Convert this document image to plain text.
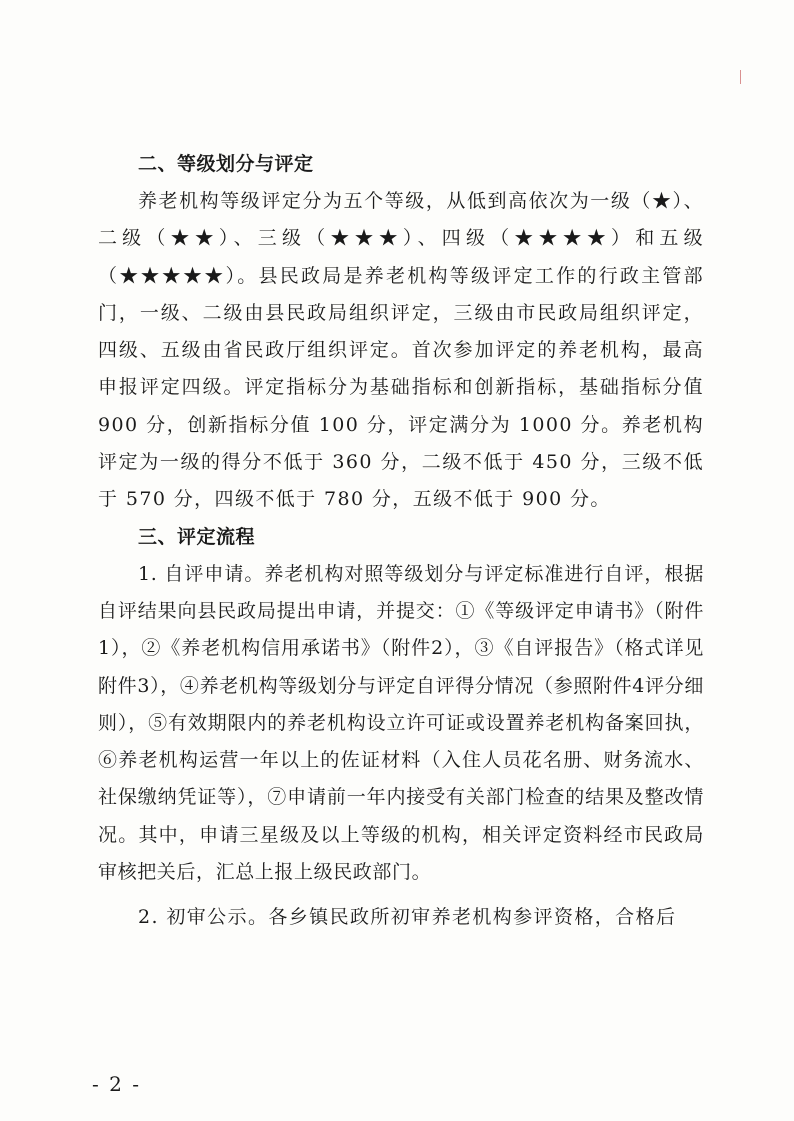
二、等级划分与评定

养老机构等级评定分为五个等级，从低到高依次为一级（★）、二级（★★）、三级（★★★）、四级（★★★★）和五级（★★★★★）。县民政局是养老机构等级评定工作的行政主管部门，一级、二级由县民政局组织评定，三级由市民政局组织评定，四级、五级由省民政厅组织评定。首次参加评定的养老机构，最高申报评定四级。评定指标分为基础指标和创新指标，基础指标分值 900 分，创新指标分值 100 分，评定满分为 1000 分。养老机构评定为一级的得分不低于 360 分，二级不低于 450 分，三级不低于 570 分，四级不低于 780 分，五级不低于 900 分。

三、评定流程

1. 自评申请。养老机构对照等级划分与评定标准进行自评，根据自评结果向县民政局提出申请，并提交：①《等级评定申请书》（附件1），②《养老机构信用承诺书》（附件2），③《自评报告》（格式详见附件3），④养老机构等级划分与评定自评得分情况（参照附件4评分细则），⑤有效期限内的养老机构设立许可证或设置养老机构备案回执，⑥养老机构运营一年以上的佐证材料（入住人员花名册、财务流水、社保缴纳凭证等），⑦申请前一年内接受有关部门检查的结果及整改情况。其中，申请三星级及以上等级的机构，相关评定资料经市民政局审核把关后，汇总上报上级民政部门。

2. 初审公示。各乡镇民政所初审养老机构参评资格，合格后

- 2 -
